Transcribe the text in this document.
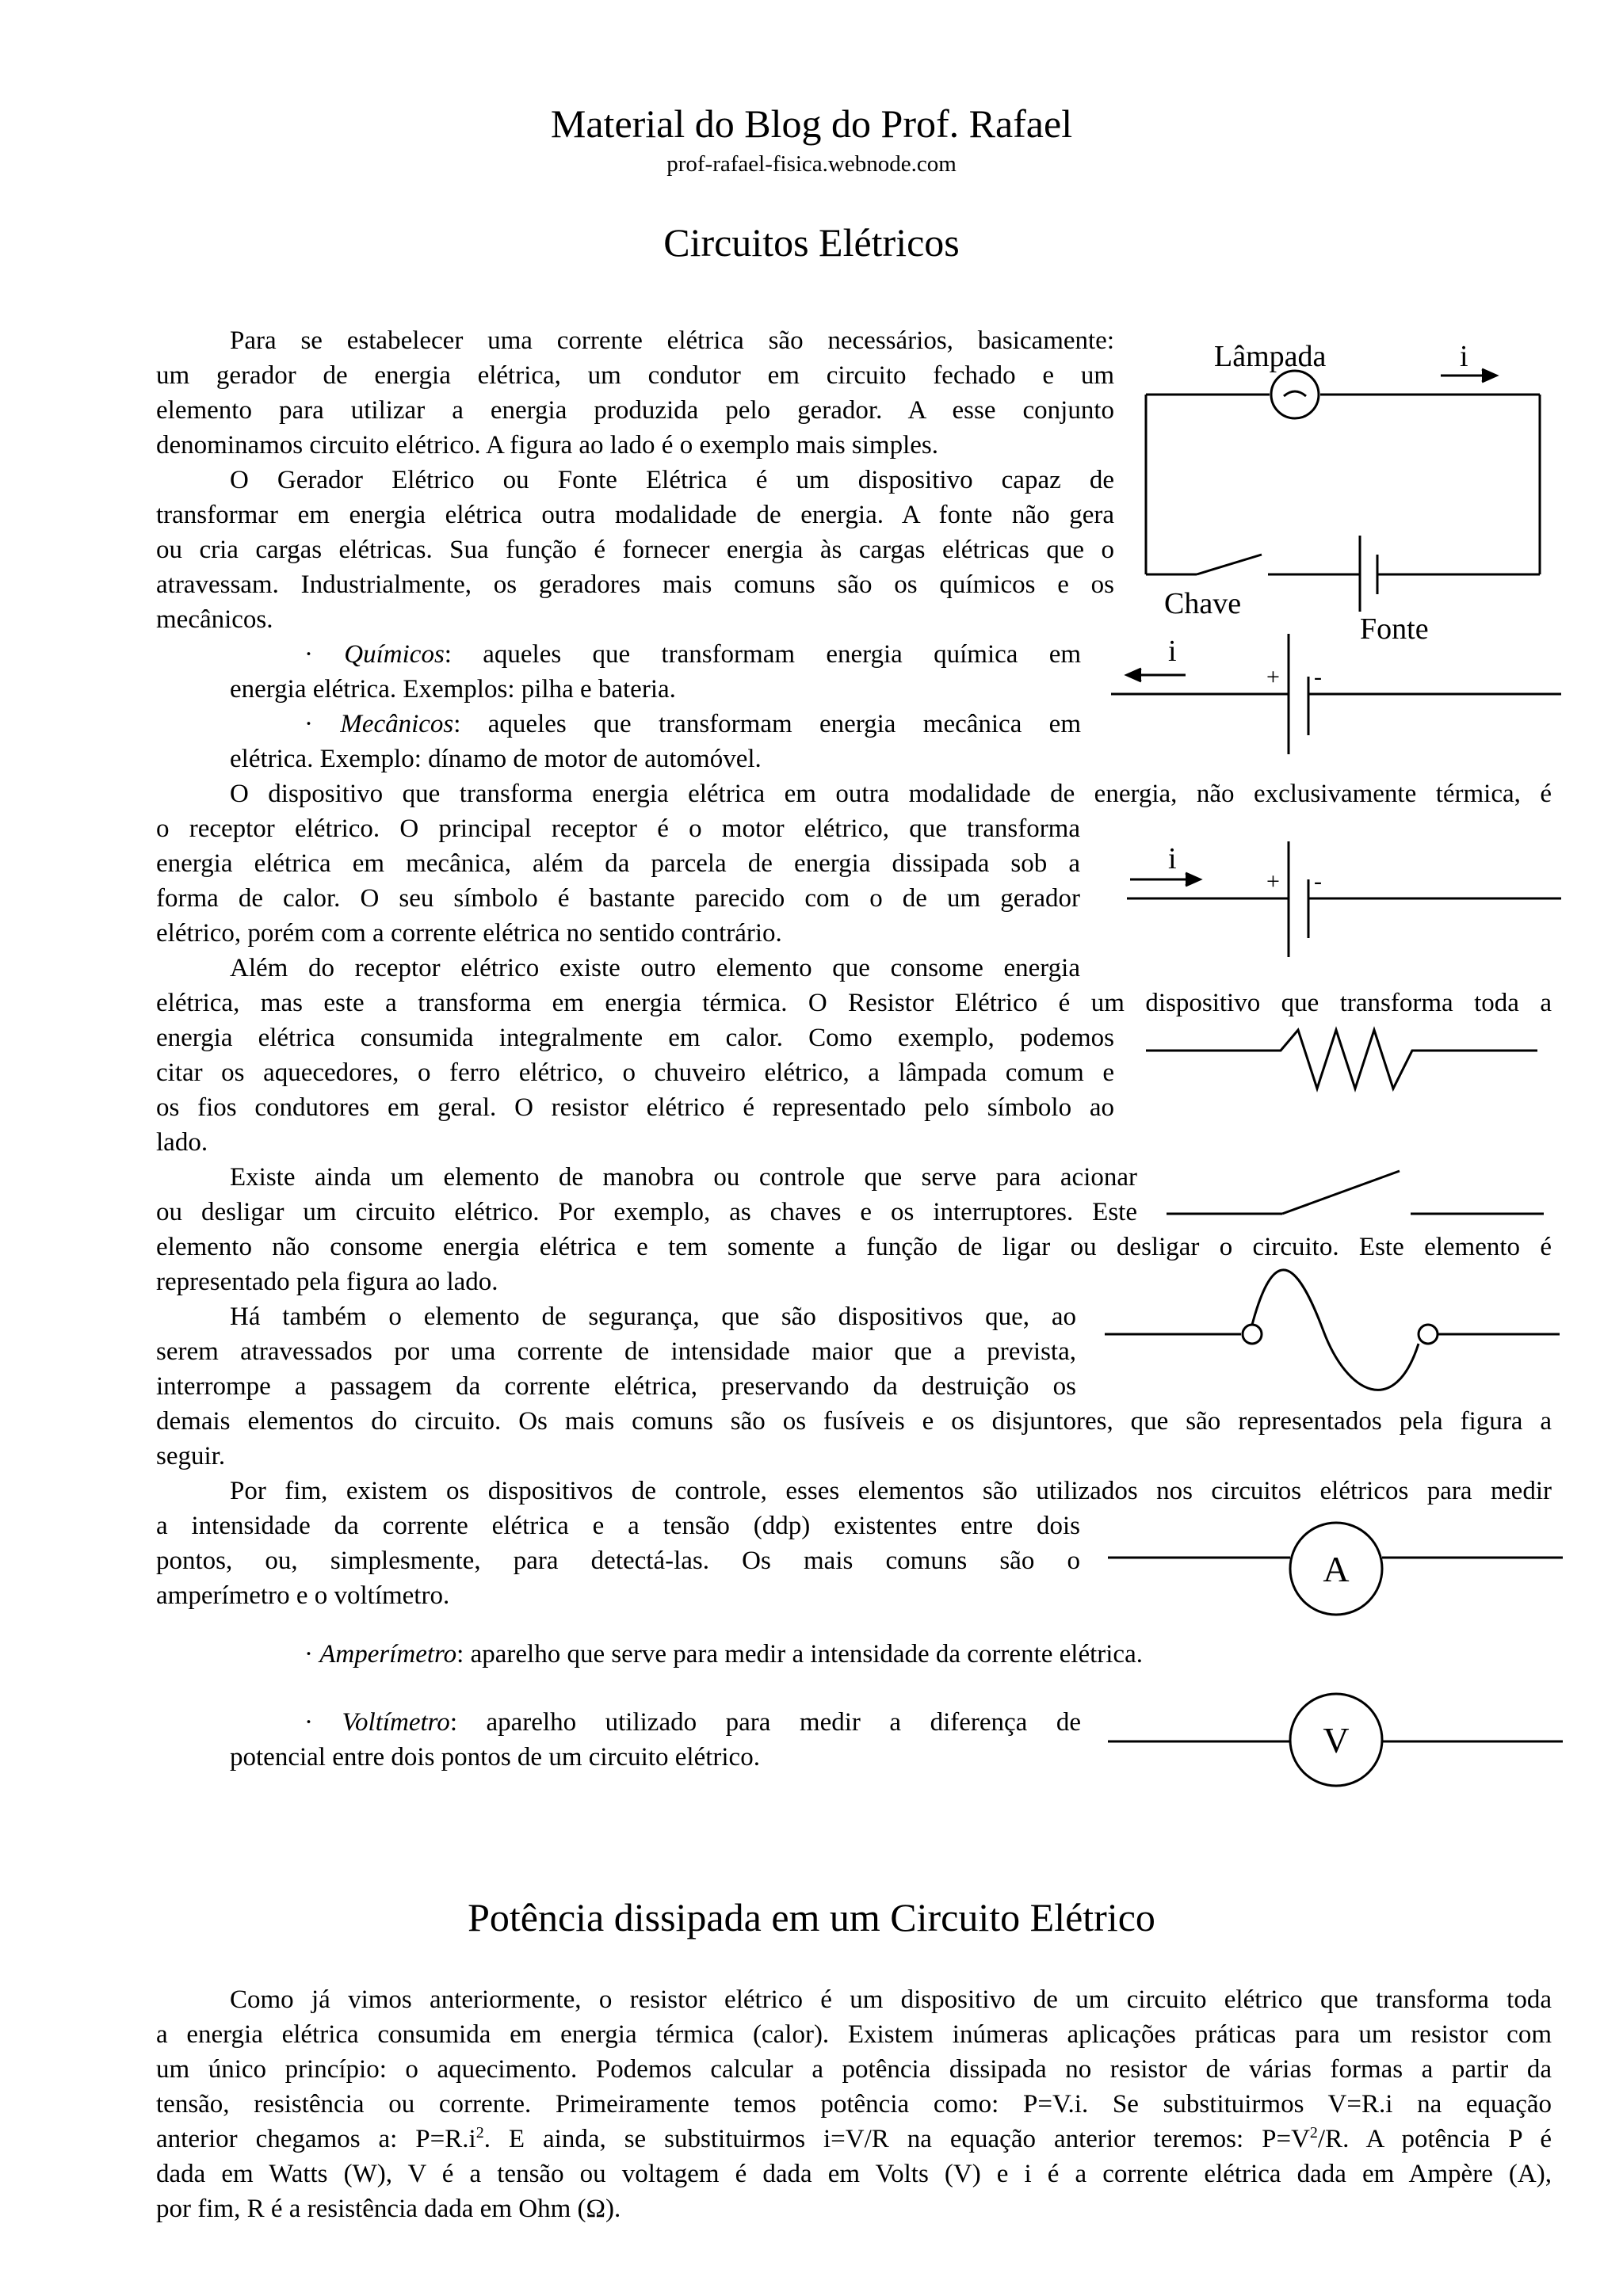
Material do Blog do Prof. Rafael
prof-rafael-fisica.webnode.com
Circuitos Elétricos
Para se estabelecer uma corrente elétrica são necessários, basicamente:
um gerador de energia elétrica, um condutor em circuito fechado e um
elemento para utilizar a energia produzida pelo gerador. A esse conjunto
denominamos circuito elétrico. A figura ao lado é o exemplo mais simples.
O Gerador Elétrico ou Fonte Elétrica é um dispositivo capaz de
transformar em energia elétrica outra modalidade de energia. A fonte não gera
ou cria cargas elétricas. Sua função é fornecer energia às cargas elétricas que o
atravessam. Industrialmente, os geradores mais comuns são os químicos e os
mecânicos.
· Químicos: aqueles que transformam energia química em
energia elétrica. Exemplos: pilha e bateria.
· Mecânicos: aqueles que transformam energia mecânica em
elétrica. Exemplo: dínamo de motor de automóvel.
O dispositivo que transforma energia elétrica em outra modalidade de energia, não exclusivamente térmica, é
o receptor elétrico. O principal receptor é o motor elétrico, que transforma
energia elétrica em mecânica, além da parcela de energia dissipada sob a
forma de calor. O seu símbolo é bastante parecido com o de um gerador
elétrico, porém com a corrente elétrica no sentido contrário.
Além do receptor elétrico existe outro elemento que consome energia
elétrica, mas este a transforma em energia térmica. O Resistor Elétrico é um dispositivo que transforma toda a
energia elétrica consumida integralmente em calor. Como exemplo, podemos
citar os aquecedores, o ferro elétrico, o chuveiro elétrico, a lâmpada comum e
os fios condutores em geral. O resistor elétrico é representado pelo símbolo ao
lado.
Existe ainda um elemento de manobra ou controle que serve para acionar
ou desligar um circuito elétrico. Por exemplo, as chaves e os interruptores. Este
elemento não consome energia elétrica e tem somente a função de ligar ou desligar o circuito. Este elemento é
representado pela figura ao lado.
Há também o elemento de segurança, que são dispositivos que, ao
serem atravessados por uma corrente de intensidade maior que a prevista,
interrompe a passagem da corrente elétrica, preservando da destruição os
demais elementos do circuito. Os mais comuns são os fusíveis e os disjuntores, que são representados pela figura a
seguir.
Por fim, existem os dispositivos de controle, esses elementos são utilizados nos circuitos elétricos para medir
a intensidade da corrente elétrica e a tensão (ddp) existentes entre dois
pontos, ou, simplesmente, para detectá-las. Os mais comuns são o
amperímetro e o voltímetro.
· Amperímetro: aparelho que serve para medir a intensidade da corrente elétrica.
· Voltímetro: aparelho utilizado para medir a diferença de
potencial entre dois pontos de um circuito elétrico.
Lâmpada	i
Chave
Fonte
i
+ -
i
+ -
A
V
Potência dissipada em um Circuito Elétrico
Como já vimos anteriormente, o resistor elétrico é um dispositivo de um circuito elétrico que transforma toda
a energia elétrica consumida em energia térmica (calor). Existem inúmeras aplicações práticas para um resistor com
um único princípio: o aquecimento. Podemos calcular a potência dissipada no resistor de várias formas a partir da
tensão, resistência ou corrente. Primeiramente temos potência como: P=V.i. Se substituirmos V=R.i na equação
anterior chegamos a: $P=R.i^2$. E ainda, se substituirmos i=V/R na equação anterior teremos: $P=V^2/R$. A potência P é
dada em Watts (W), V é a tensão ou voltagem é dada em Volts (V) e i é a corrente elétrica dada em Ampère (A),
por fim, R é a resistência dada em Ohm (Ω).
